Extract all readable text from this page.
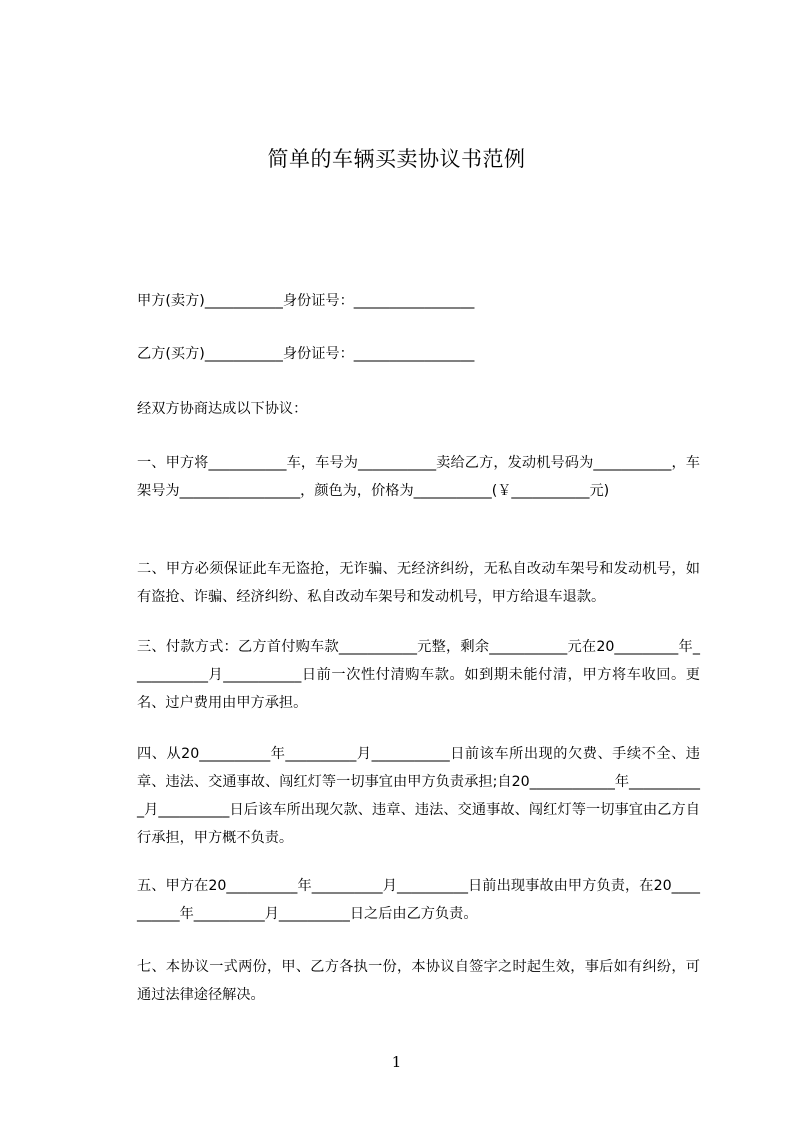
简单的车辆买卖协议书范例
甲方(卖方)___________身份证号：_________________
乙方(买方)___________身份证号：_________________
经双方协商达成以下协议：
一、甲方将___________车，车号为___________卖给乙方，发动机号码为___________，车架号为_________________，颜色为，价格为___________(￥___________元)
二、甲方必须保证此车无盗抢，无诈骗、无经济纠纷，无私自改动车架号和发动机号，如有盗抢、诈骗、经济纠纷、私自改动车架号和发动机号，甲方给退车退款。
三、付款方式：乙方首付购车款___________元整，剩余___________元在20_________年___________月___________日前一次性付清购车款。如到期未能付清，甲方将车收回。更名、过户费用由甲方承担。
四、从20__________年__________月___________日前该车所出现的欠费、手续不全、违章、违法、交通事故、闯红灯等一切事宜由甲方负责承担;自20____________年___________月__________日后该车所出现欠款、违章、违法、交通事故、闯红灯等一切事宜由乙方自行承担，甲方概不负责。
五、甲方在20__________年__________月__________日前出现事故由甲方负责，在20__________年__________月__________日之后由乙方负责。
七、本协议一式两份，甲、乙方各执一份，本协议自签字之时起生效，事后如有纠纷，可通过法律途径解决。
1
